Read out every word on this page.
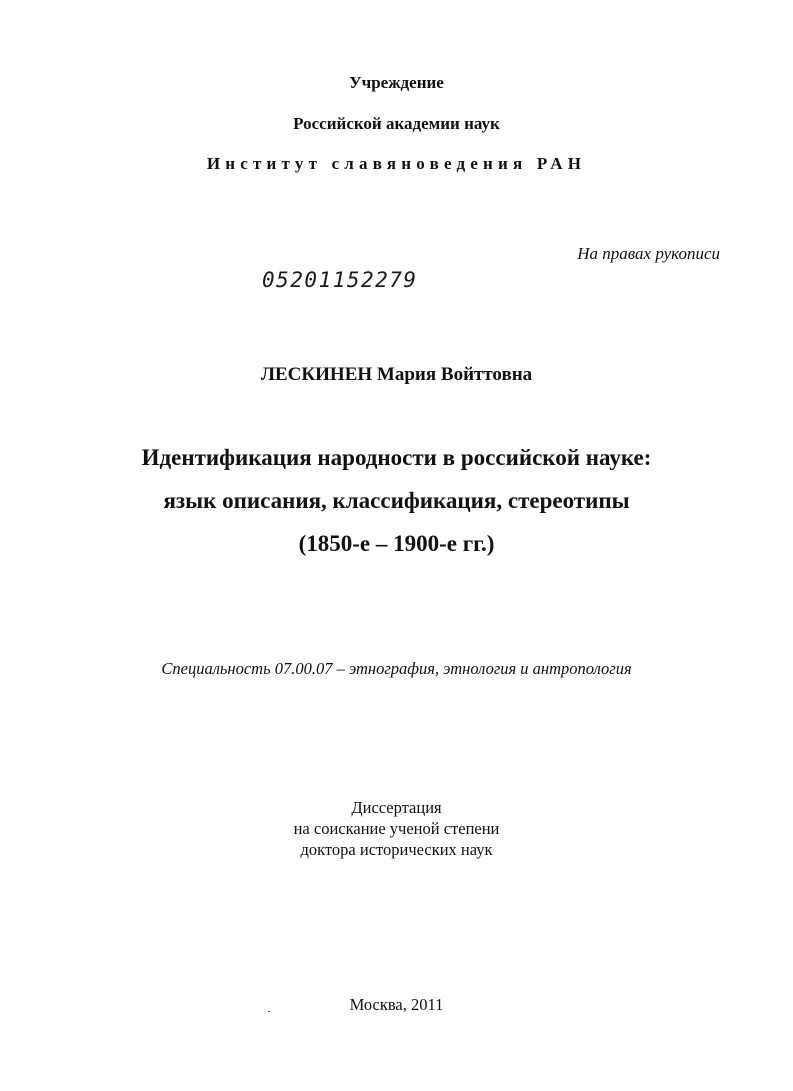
Учреждение
Российской академии наук
Институт славяноведения РАН
На правах рукописи
05201152279
ЛЕСКИНЕН Мария Войттовна
Идентификация народности в российской науке:
язык описания, классификация, стереотипы
(1850-е – 1900-е гг.)
Специальность 07.00.07 – этнография, этнология и антропология
Диссертация
на соискание ученой степени
доктора исторических наук
Москва, 2011
